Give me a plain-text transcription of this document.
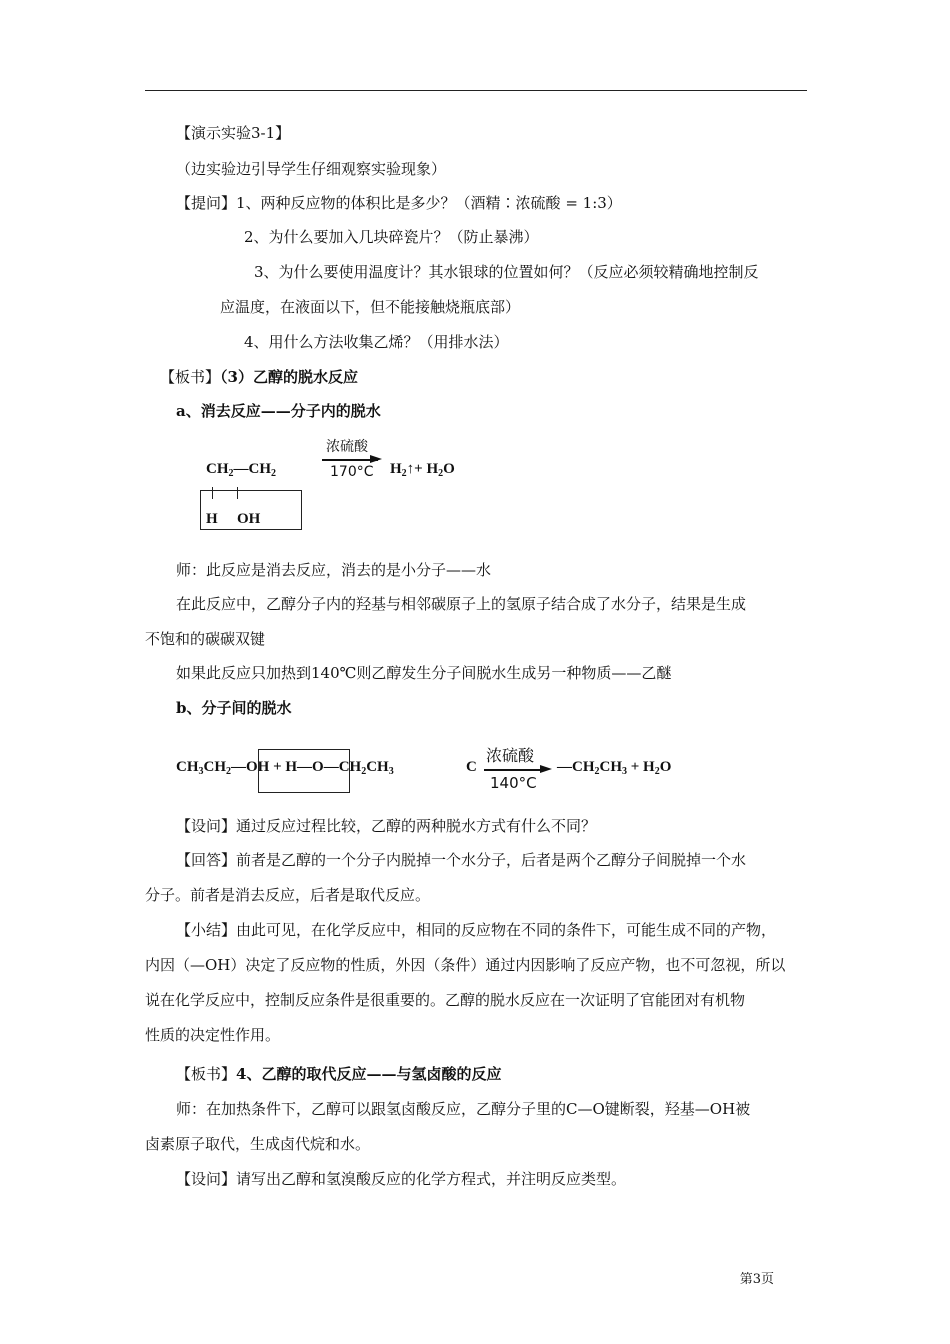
【演示实验3-1】
（边实验边引导学生仔细观察实验现象）
【提问】1、两种反应物的体积比是多少？（酒精∶浓硫酸 = 1:3）
2、为什么要加入几块碎瓷片？（防止暴沸）
3、为什么要使用温度计？其水银球的位置如何？（反应必须较精确地控制反
应温度，在液面以下，但不能接触烧瓶底部）
4、用什么方法收集乙烯？（用排水法）
【板书】（3）乙醇的脱水反应
a、消去反应——分子内的脱水
$CH_2—CH_2$
H OH
浓硫酸
170°C $H_2↑+ H_2O$
师：此反应是消去反应，消去的是小分子——水
在此反应中，乙醇分子内的羟基与相邻碳原子上的氢原子结合成了水分子，结果是生成
不饱和的碳碳双键
如果此反应只加热到140℃则乙醇发生分子间脱水生成另一种物质——乙醚
b、分子间的脱水
$CH_3CH_2—OH$ + $H—O—CH_2CH_3$	C
浓硫酸
140°C
$—CH_2CH_3 + H_2O$
【设问】通过反应过程比较，乙醇的两种脱水方式有什么不同？
【回答】前者是乙醇的一个分子内脱掉一个水分子，后者是两个乙醇分子间脱掉一个水
分子。前者是消去反应，后者是取代反应。
【小结】由此可见，在化学反应中，相同的反应物在不同的条件下，可能生成不同的产物，
内因（—OH）决定了反应物的性质，外因（条件）通过内因影响了反应产物，也不可忽视，所以
说在化学反应中，控制反应条件是很重要的。乙醇的脱水反应在一次证明了官能团对有机物
性质的决定性作用。
【板书】4、乙醇的取代反应——与氢卤酸的反应
师：在加热条件下，乙醇可以跟氢卤酸反应，乙醇分子里的C—O键断裂，羟基—OH被
卤素原子取代，生成卤代烷和水。
【设问】请写出乙醇和氢溴酸反应的化学方程式，并注明反应类型。
第3页
